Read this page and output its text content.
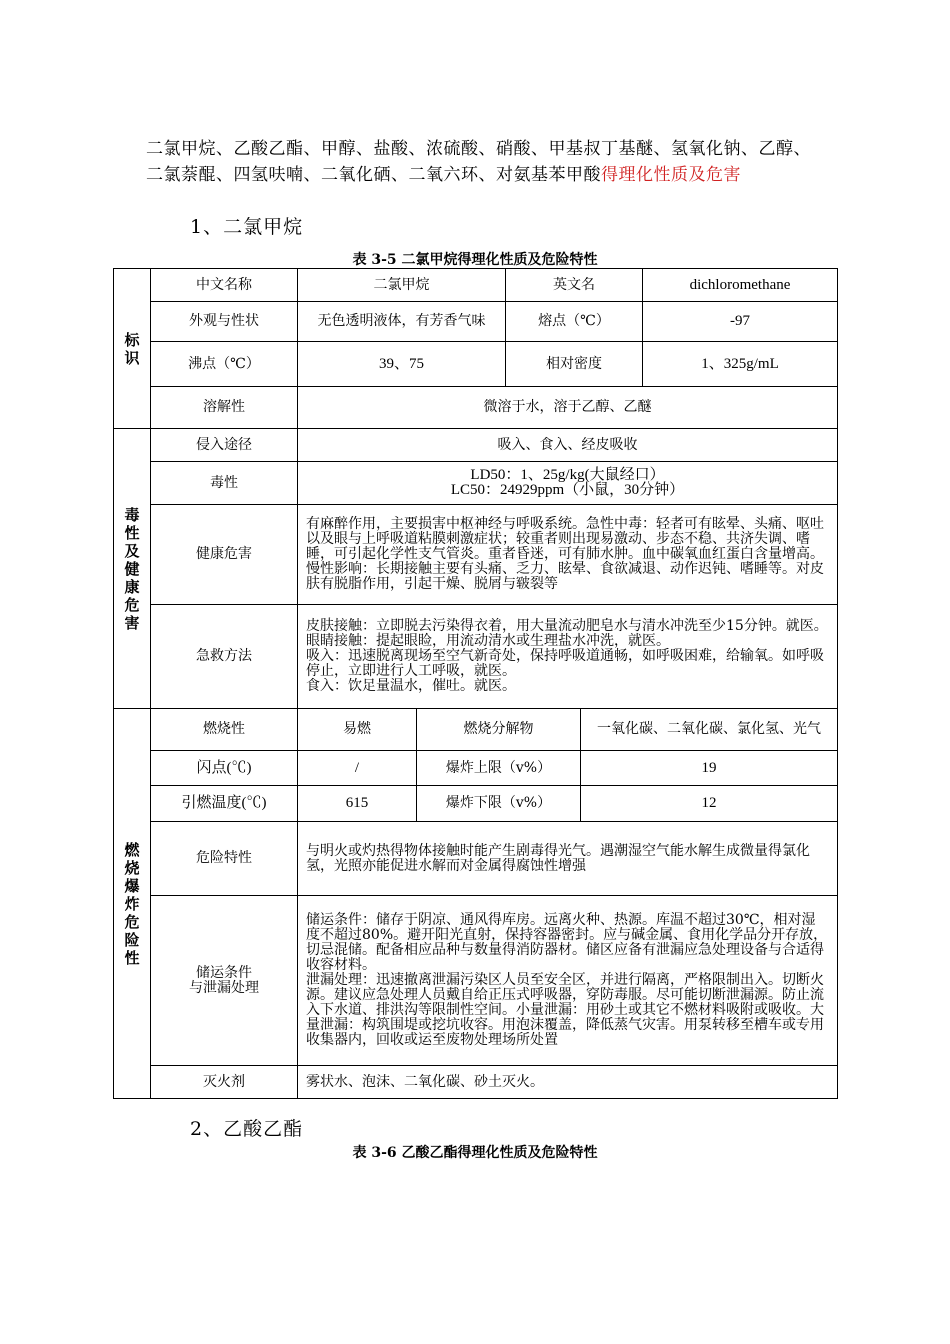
二氯甲烷、乙酸乙酯、甲醇、盐酸、浓硫酸、硝酸、甲基叔丁基醚、氢氧化钠、乙醇、二氯萘醌、四氢呋喃、二氧化硒、二氧六环、对氨基苯甲酸得理化性质及危害
1、二氯甲烷
表 3-5 二氯甲烷得理化性质及危险特性
标识	中文名称	二氯甲烷		英文名		dichloromethane
	外观与性状	无色透明液体，有芳香气味		熔点（℃）		-97
	沸点（℃）	39、75		相对密度		1、325g/mL
	溶解性	微溶于水，溶于乙醇、乙醚				
毒性及健康危害	侵入途径	吸入、食入、经皮吸收				
	毒性	LD50：1、25g/kg(大鼠经口）
LC50：24929ppm（小鼠，30分钟）				

	健康危害	有麻醉作用，主要损害中枢神经与呼吸系统。急性中毒：轻者可有眩晕、头痛、呕吐以及眼与上呼吸道粘膜刺激症状；较重者则出现易激动、步态不稳、共济失调、嗜睡，可引起化学性支气管炎。重者昏迷，可有肺水肿。血中碳氧血红蛋白含量增高。慢性影响：长期接触主要有头痛、乏力、眩晕、食欲减退、动作迟钝、嗜睡等。对皮肤有脱脂作用，引起干燥、脱屑与皲裂等				
	急救方法	皮肤接触：立即脱去污染得衣着，用大量流动肥皂水与清水冲洗至少15分钟。就医。
眼睛接触：提起眼睑，用流动清水或生理盐水冲洗，就医。
吸入：迅速脱离现场至空气新奇处，保持呼吸道通畅，如呼吸困难，给输氧。如呼吸停止，立即进行人工呼吸，就医。
食入：饮足量温水，催吐。就医。				

燃烧爆炸危险性	燃烧性	易燃	燃烧分解物		一氧化碳、二氧化碳、氯化氢、光气	
	闪点(℃)	/	爆炸上限（v%）		19	
	引燃温度(℃)	615	爆炸下限（v%）		12	
	危险特性	与明火或灼热得物体接触时能产生剧毒得光气。遇潮湿空气能水解生成微量得氯化氢，光照亦能促进水解而对金属得腐蚀性增强				

	储运条件
与泄漏处理	储运条件：储存于阴凉、通风得库房。远离火种、热源。库温不超过30℃，相对湿度不超过80%。避开阳光直射，保持容器密封。应与碱金属、食用化学品分开存放，切忌混储。配备相应品种与数量得消防器材。储区应备有泄漏应急处理设备与合适得收容材料。
泄漏处理：迅速撤离泄漏污染区人员至安全区，并进行隔离，严格限制出入。切断火源。建议应急处理人员戴自给正压式呼吸器，穿防毒服。尽可能切断泄漏源。防止流入下水道、排洪沟等限制性空间。小量泄漏：用砂土或其它不燃材料吸附或吸收。大量泄漏：构筑围堤或挖坑收容。用泡沫覆盖，降低蒸气灾害。用泵转移至槽车或专用收集器内，回收或运至废物处理场所处置				

	灭火剂	雾状水、泡沫、二氧化碳、砂土灭火。				
2、乙酸乙酯
表 3-6 乙酸乙酯得理化性质及危险特性
